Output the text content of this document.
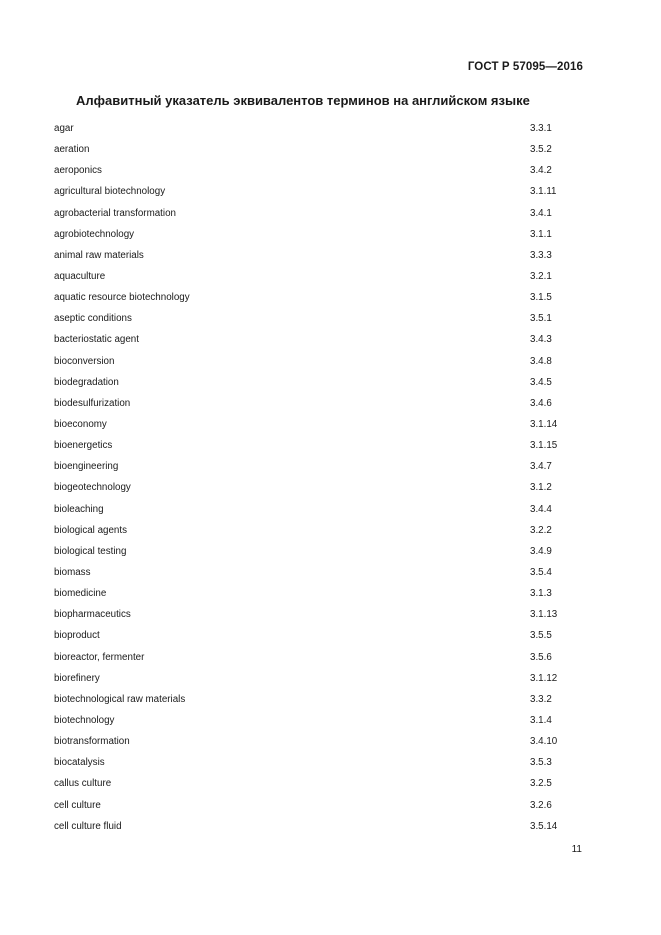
ГОСТ Р 57095—2016
Алфавитный указатель эквивалентов терминов на английском языке
agar	3.3.1
aeration	3.5.2
aeroponics	3.4.2
agricultural biotechnology	3.1.11
agrobacterial transformation	3.4.1
agrobiotechnology	3.1.1
animal raw materials	3.3.3
aquaculture	3.2.1
aquatic resource biotechnology	3.1.5
aseptic conditions	3.5.1
bacteriostatic agent	3.4.3
bioconversion	3.4.8
biodegradation	3.4.5
biodesulfurization	3.4.6
bioeconomy	3.1.14
bioenergetics	3.1.15
bioengineering	3.4.7
biogeotechnology	3.1.2
bioleaching	3.4.4
biological agents	3.2.2
biological testing	3.4.9
biomass	3.5.4
biomedicine	3.1.3
biopharmaceutics	3.1.13
bioproduct	3.5.5
bioreactor, fermenter	3.5.6
biorefinery	3.1.12
biotechnological raw materials	3.3.2
biotechnology	3.1.4
biotransformation	3.4.10
biocatalysis	3.5.3
callus culture	3.2.5
cell culture	3.2.6
cell culture fluid	3.5.14
11
